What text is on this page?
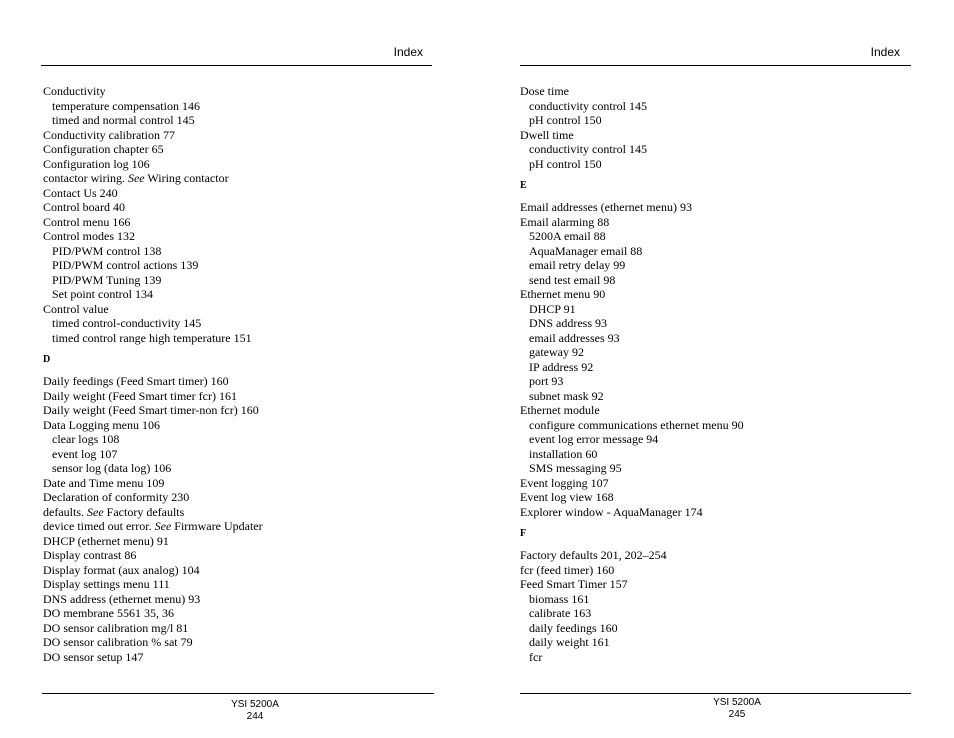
Index
Conductivity
temperature compensation 146
timed and normal control 145
Conductivity calibration 77
Configuration chapter 65
Configuration log 106
contactor wiring. See Wiring contactor
Contact Us 240
Control board 40
Control menu 166
Control modes 132
PID/PWM control 138
PID/PWM control actions 139
PID/PWM Tuning 139
Set point control 134
Control value
timed control-conductivity 145
timed control range high temperature 151
D
Daily feedings (Feed Smart timer) 160
Daily weight (Feed Smart timer fcr) 161
Daily weight (Feed Smart timer-non fcr) 160
Data Logging menu 106
clear logs 108
event log 107
sensor log (data log) 106
Date and Time menu 109
Declaration of conformity 230
defaults. See Factory defaults
device timed out error. See Firmware Updater
DHCP (ethernet menu) 91
Display contrast 86
Display format (aux analog) 104
Display settings menu 111
DNS address (ethernet menu) 93
DO membrane 5561 35, 36
DO sensor calibration mg/l 81
DO sensor calibration % sat 79
DO sensor setup 147
YSI 5200A
244
Index
Dose time
conductivity control 145
pH control 150
Dwell time
conductivity control 145
pH control 150
E
Email addresses (ethernet menu) 93
Email alarming 88
5200A email 88
AquaManager email 88
email retry delay 99
send test email 98
Ethernet menu 90
DHCP 91
DNS address 93
email addresses 93
gateway 92
IP address 92
port 93
subnet mask 92
Ethernet module
configure communications ethernet menu 90
event log error message 94
installation 60
SMS messaging 95
Event logging 107
Event log view 168
Explorer window - AquaManager 174
F
Factory defaults 201, 202–254
fcr (feed timer) 160
Feed Smart Timer 157
biomass 161
calibrate 163
daily feedings 160
daily weight 161
fcr
YSI 5200A
245
